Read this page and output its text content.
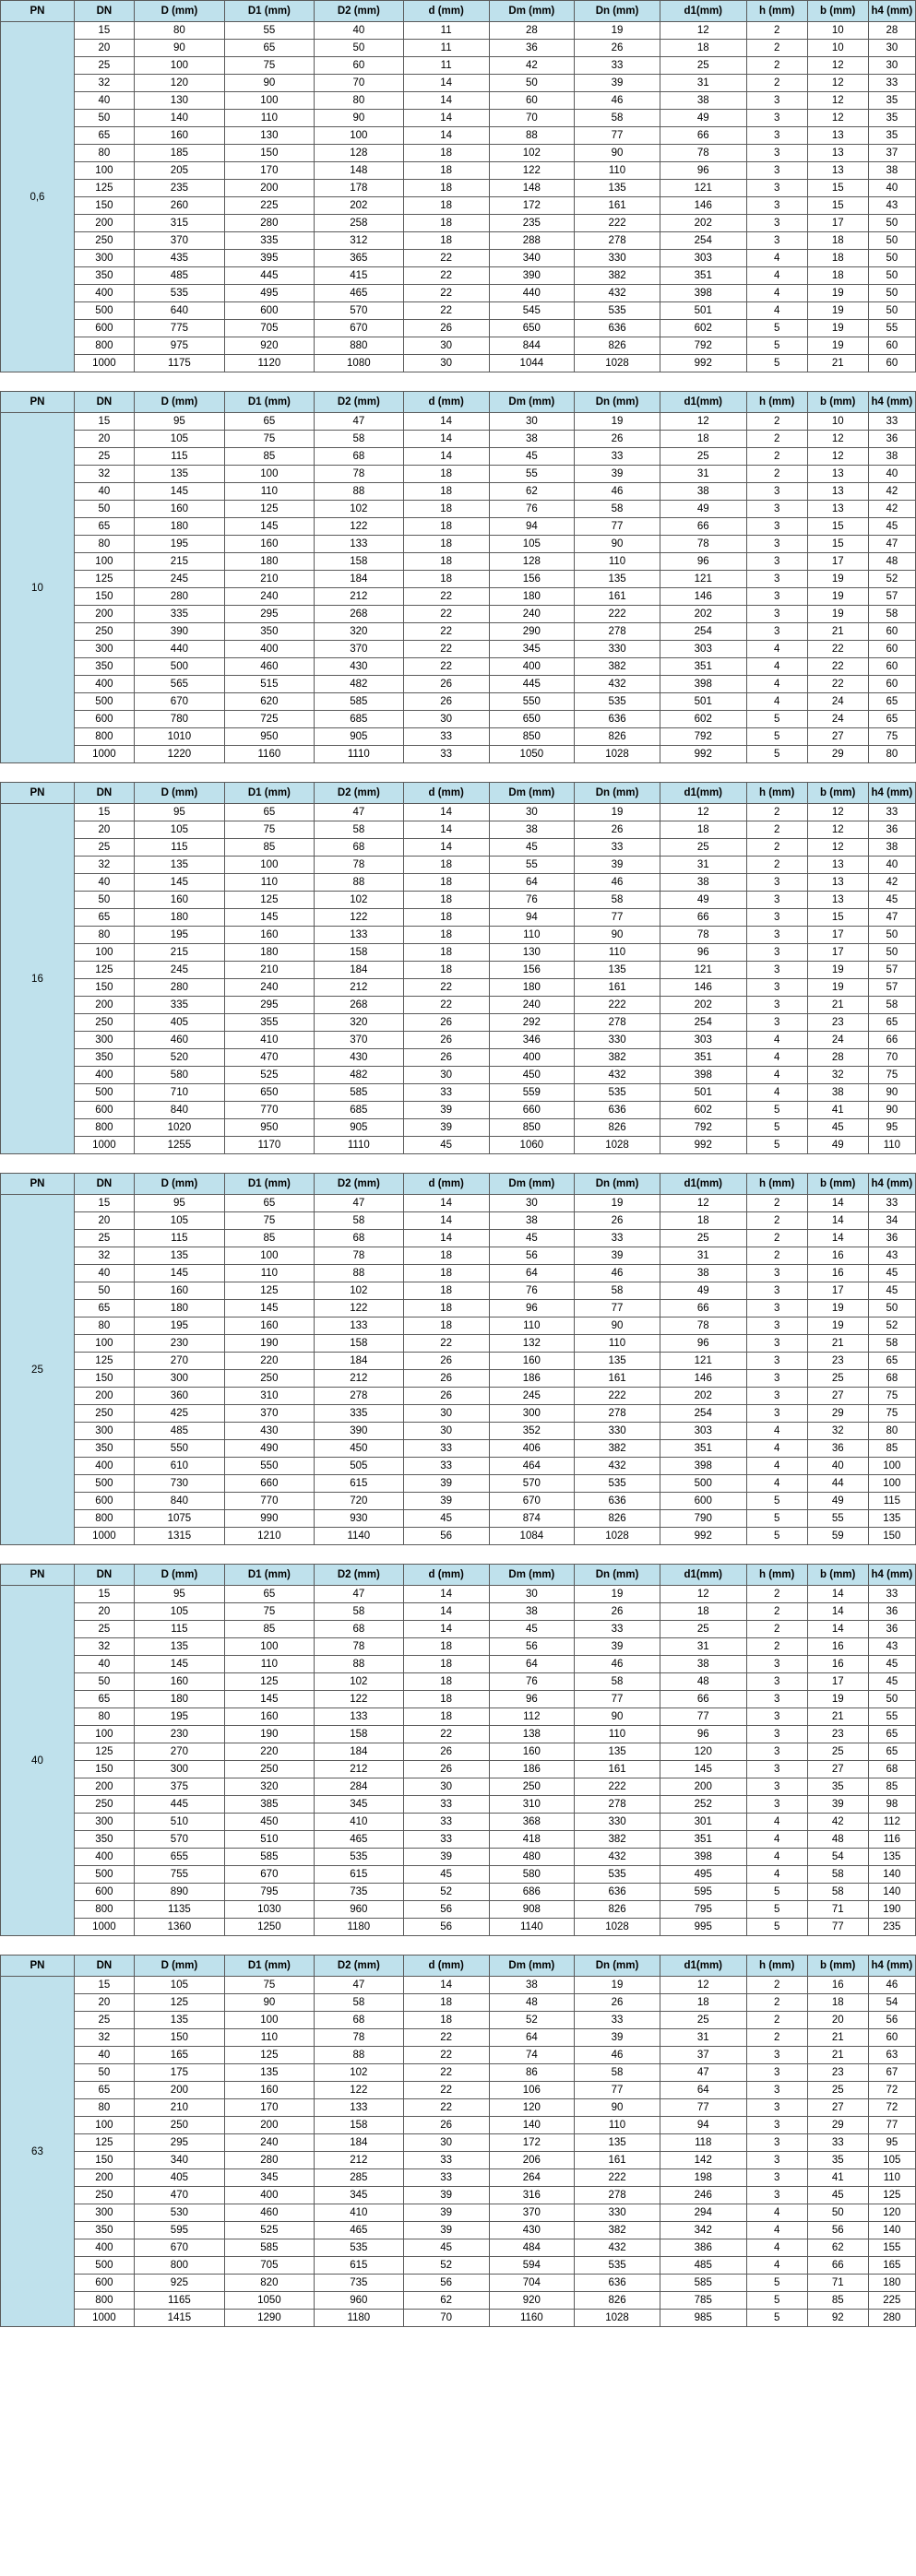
PN	DN	D (mm)	D1 (mm)	D2 (mm)	d (mm)	Dm (mm)	Dn (mm)	d1(mm)	h (mm)	b (mm)	h4 (mm)
0,6	15	80	55	40	11	28	19	12	2	10	28
	20	90	65	50	11	36	26	18	2	10	30
	25	100	75	60	11	42	33	25	2	12	30
	32	120	90	70	14	50	39	31	2	12	33
	40	130	100	80	14	60	46	38	3	12	35
	50	140	110	90	14	70	58	49	3	12	35
	65	160	130	100	14	88	77	66	3	13	35
	80	185	150	128	18	102	90	78	3	13	37
	100	205	170	148	18	122	110	96	3	13	38
	125	235	200	178	18	148	135	121	3	15	40
	150	260	225	202	18	172	161	146	3	15	43
	200	315	280	258	18	235	222	202	3	17	50
	250	370	335	312	18	288	278	254	3	18	50
	300	435	395	365	22	340	330	303	4	18	50
	350	485	445	415	22	390	382	351	4	18	50
	400	535	495	465	22	440	432	398	4	19	50
	500	640	600	570	22	545	535	501	4	19	50
	600	775	705	670	26	650	636	602	5	19	55
	800	975	920	880	30	844	826	792	5	19	60
	1000	1175	1120	1080	30	1044	1028	992	5	21	60
PN	DN	D (mm)	D1 (mm)	D2 (mm)	d (mm)	Dm (mm)	Dn (mm)	d1(mm)	h (mm)	b (mm)	h4 (mm)
10	15	95	65	47	14	30	19	12	2	10	33
	20	105	75	58	14	38	26	18	2	12	36
	25	115	85	68	14	45	33	25	2	12	38
	32	135	100	78	18	55	39	31	2	13	40
	40	145	110	88	18	62	46	38	3	13	42
	50	160	125	102	18	76	58	49	3	13	42
	65	180	145	122	18	94	77	66	3	15	45
	80	195	160	133	18	105	90	78	3	15	47
	100	215	180	158	18	128	110	96	3	17	48
	125	245	210	184	18	156	135	121	3	19	52
	150	280	240	212	22	180	161	146	3	19	57
	200	335	295	268	22	240	222	202	3	19	58
	250	390	350	320	22	290	278	254	3	21	60
	300	440	400	370	22	345	330	303	4	22	60
	350	500	460	430	22	400	382	351	4	22	60
	400	565	515	482	26	445	432	398	4	22	60
	500	670	620	585	26	550	535	501	4	24	65
	600	780	725	685	30	650	636	602	5	24	65
	800	1010	950	905	33	850	826	792	5	27	75
	1000	1220	1160	1110	33	1050	1028	992	5	29	80
PN	DN	D (mm)	D1 (mm)	D2 (mm)	d (mm)	Dm (mm)	Dn (mm)	d1(mm)	h (mm)	b (mm)	h4 (mm)
16	15	95	65	47	14	30	19	12	2	12	33
	20	105	75	58	14	38	26	18	2	12	36
	25	115	85	68	14	45	33	25	2	12	38
	32	135	100	78	18	55	39	31	2	13	40
	40	145	110	88	18	64	46	38	3	13	42
	50	160	125	102	18	76	58	49	3	13	45
	65	180	145	122	18	94	77	66	3	15	47
	80	195	160	133	18	110	90	78	3	17	50
	100	215	180	158	18	130	110	96	3	17	50
	125	245	210	184	18	156	135	121	3	19	57
	150	280	240	212	22	180	161	146	3	19	57
	200	335	295	268	22	240	222	202	3	21	58
	250	405	355	320	26	292	278	254	3	23	65
	300	460	410	370	26	346	330	303	4	24	66
	350	520	470	430	26	400	382	351	4	28	70
	400	580	525	482	30	450	432	398	4	32	75
	500	710	650	585	33	559	535	501	4	38	90
	600	840	770	685	39	660	636	602	5	41	90
	800	1020	950	905	39	850	826	792	5	45	95
	1000	1255	1170	1110	45	1060	1028	992	5	49	110
PN	DN	D (mm)	D1 (mm)	D2 (mm)	d (mm)	Dm (mm)	Dn (mm)	d1(mm)	h (mm)	b (mm)	h4 (mm)
25	15	95	65	47	14	30	19	12	2	14	33
	20	105	75	58	14	38	26	18	2	14	34
	25	115	85	68	14	45	33	25	2	14	36
	32	135	100	78	18	56	39	31	2	16	43
	40	145	110	88	18	64	46	38	3	16	45
	50	160	125	102	18	76	58	49	3	17	45
	65	180	145	122	18	96	77	66	3	19	50
	80	195	160	133	18	110	90	78	3	19	52
	100	230	190	158	22	132	110	96	3	21	58
	125	270	220	184	26	160	135	121	3	23	65
	150	300	250	212	26	186	161	146	3	25	68
	200	360	310	278	26	245	222	202	3	27	75
	250	425	370	335	30	300	278	254	3	29	75
	300	485	430	390	30	352	330	303	4	32	80
	350	550	490	450	33	406	382	351	4	36	85
	400	610	550	505	33	464	432	398	4	40	100
	500	730	660	615	39	570	535	500	4	44	100
	600	840	770	720	39	670	636	600	5	49	115
	800	1075	990	930	45	874	826	790	5	55	135
	1000	1315	1210	1140	56	1084	1028	992	5	59	150
PN	DN	D (mm)	D1 (mm)	D2 (mm)	d (mm)	Dm (mm)	Dn (mm)	d1(mm)	h (mm)	b (mm)	h4 (mm)
40	15	95	65	47	14	30	19	12	2	14	33
	20	105	75	58	14	38	26	18	2	14	36
	25	115	85	68	14	45	33	25	2	14	36
	32	135	100	78	18	56	39	31	2	16	43
	40	145	110	88	18	64	46	38	3	16	45
	50	160	125	102	18	76	58	48	3	17	45
	65	180	145	122	18	96	77	66	3	19	50
	80	195	160	133	18	112	90	77	3	21	55
	100	230	190	158	22	138	110	96	3	23	65
	125	270	220	184	26	160	135	120	3	25	65
	150	300	250	212	26	186	161	145	3	27	68
	200	375	320	284	30	250	222	200	3	35	85
	250	445	385	345	33	310	278	252	3	39	98
	300	510	450	410	33	368	330	301	4	42	112
	350	570	510	465	33	418	382	351	4	48	116
	400	655	585	535	39	480	432	398	4	54	135
	500	755	670	615	45	580	535	495	4	58	140
	600	890	795	735	52	686	636	595	5	58	140
	800	1135	1030	960	56	908	826	795	5	71	190
	1000	1360	1250	1180	56	1140	1028	995	5	77	235
PN	DN	D (mm)	D1 (mm)	D2 (mm)	d (mm)	Dm (mm)	Dn (mm)	d1(mm)	h (mm)	b (mm)	h4 (mm)
63	15	105	75	47	14	38	19	12	2	16	46
	20	125	90	58	18	48	26	18	2	18	54
	25	135	100	68	18	52	33	25	2	20	56
	32	150	110	78	22	64	39	31	2	21	60
	40	165	125	88	22	74	46	37	3	21	63
	50	175	135	102	22	86	58	47	3	23	67
	65	200	160	122	22	106	77	64	3	25	72
	80	210	170	133	22	120	90	77	3	27	72
	100	250	200	158	26	140	110	94	3	29	77
	125	295	240	184	30	172	135	118	3	33	95
	150	340	280	212	33	206	161	142	3	35	105
	200	405	345	285	33	264	222	198	3	41	110
	250	470	400	345	39	316	278	246	3	45	125
	300	530	460	410	39	370	330	294	4	50	120
	350	595	525	465	39	430	382	342	4	56	140
	400	670	585	535	45	484	432	386	4	62	155
	500	800	705	615	52	594	535	485	4	66	165
	600	925	820	735	56	704	636	585	5	71	180
	800	1165	1050	960	62	920	826	785	5	85	225
	1000	1415	1290	1180	70	1160	1028	985	5	92	280
